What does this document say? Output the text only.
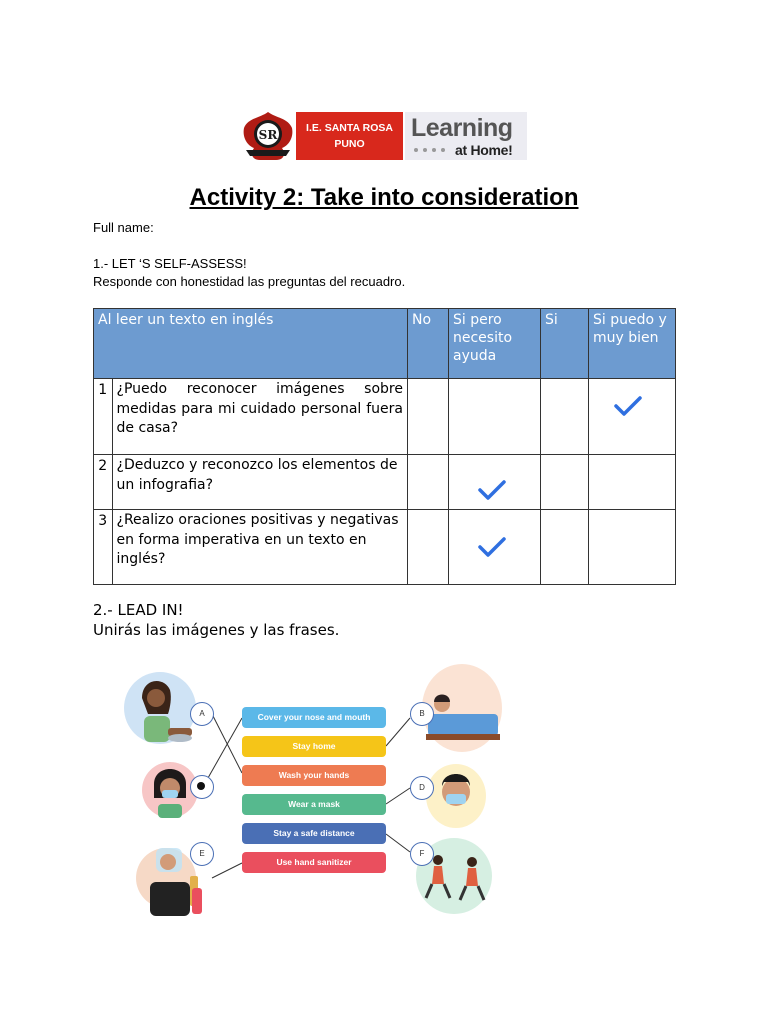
SR	I.E. SANTA ROSA
PUNO
Learning
at Home!
Activity 2: Take into consideration
Full name:
1.- LET ‘S SELF-ASSESS!
Responde con honestidad las preguntas del recuadro.
Al leer un texto en inglés		No	Si pero necesito ayuda	Si	Si puedo y muy bien
1	¿Puedo reconocer imágenes sobre medidas para mi cuidado personal fuera de casa?				

2	¿Deduzco y reconozco los elementos de un infografia?		

3	¿Realizo oraciones positivas y negativas en forma imperativa en un texto en inglés?		

2.- LEAD IN!
Unirás las imágenes y las frases.
Cover your nose and mouth
Stay home
Wash your hands
Wear a mask
Stay a safe distance
Use hand sanitizer
A	B
D
E	F
